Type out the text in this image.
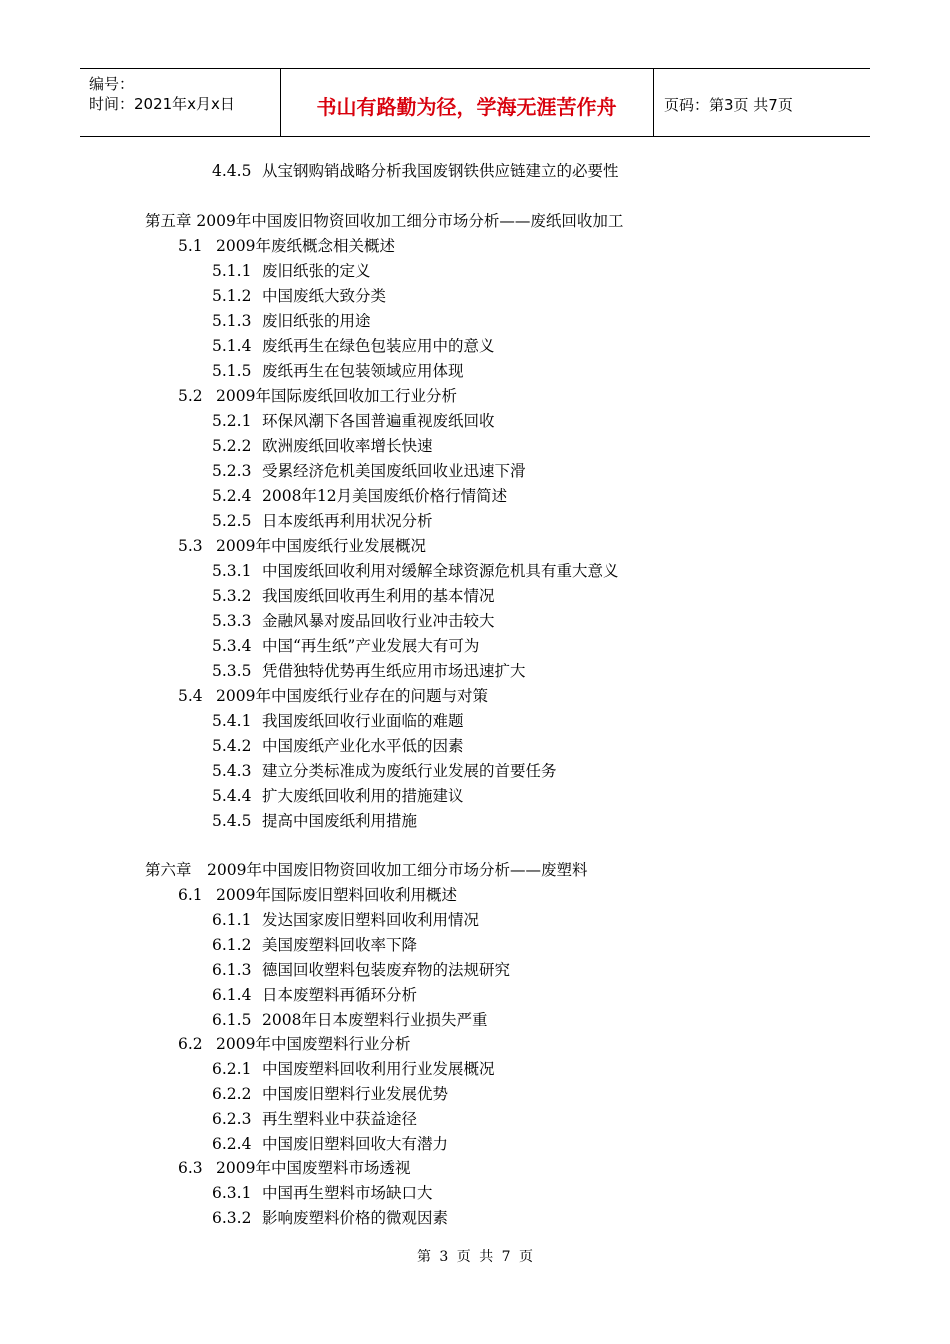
编号：
时间：2021年x月x日	书山有路勤为径，学海无涯苦作舟	页码：第3页 共7页
4.4.5 从宝钢购销战略分析我国废钢铁供应链建立的必要性
第五章 2009年中国废旧物资回收加工细分市场分析——废纸回收加工
5.1 2009年废纸概念相关概述
5.1.1 废旧纸张的定义
5.1.2 中国废纸大致分类
5.1.3 废旧纸张的用途
5.1.4 废纸再生在绿色包装应用中的意义
5.1.5 废纸再生在包装领域应用体现
5.2 2009年国际废纸回收加工行业分析
5.2.1 环保风潮下各国普遍重视废纸回收
5.2.2 欧洲废纸回收率增长快速
5.2.3 受累经济危机美国废纸回收业迅速下滑
5.2.4 2008年12月美国废纸价格行情简述
5.2.5 日本废纸再利用状况分析
5.3 2009年中国废纸行业发展概况
5.3.1 中国废纸回收利用对缓解全球资源危机具有重大意义
5.3.2 我国废纸回收再生利用的基本情况
5.3.3 金融风暴对废品回收行业冲击较大
5.3.4 中国“再生纸”产业发展大有可为
5.3.5 凭借独特优势再生纸应用市场迅速扩大
5.4 2009年中国废纸行业存在的问题与对策
5.4.1 我国废纸回收行业面临的难题
5.4.2 中国废纸产业化水平低的因素
5.4.3 建立分类标准成为废纸行业发展的首要任务
5.4.4 扩大废纸回收利用的措施建议
5.4.5 提高中国废纸利用措施
第六章　2009年中国废旧物资回收加工细分市场分析——废塑料
6.1 2009年国际废旧塑料回收利用概述
6.1.1 发达国家废旧塑料回收利用情况
6.1.2 美国废塑料回收率下降
6.1.3 德国回收塑料包装废弃物的法规研究
6.1.4 日本废塑料再循环分析
6.1.5 2008年日本废塑料行业损失严重
6.2 2009年中国废塑料行业分析
6.2.1 中国废塑料回收利用行业发展概况
6.2.2 中国废旧塑料行业发展优势
6.2.3 再生塑料业中获益途径
6.2.4 中国废旧塑料回收大有潜力
6.3 2009年中国废塑料市场透视
6.3.1 中国再生塑料市场缺口大
6.3.2 影响废塑料价格的微观因素
第 3 页 共 7 页
